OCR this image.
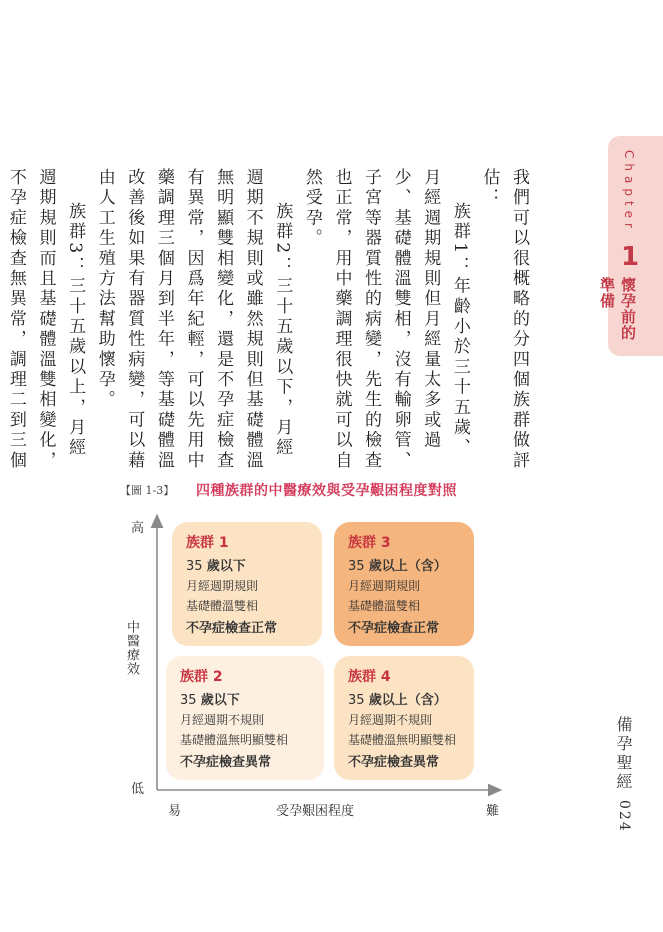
Chapter
1
懷孕前的準備

我們可以很概略的分四個族群做評估：

族群1：年齡小於三十五歲、月經週期規則但月經量太多或過少、基礎體溫雙相，沒有輸卵管、子宮等器質性的病變，先生的檢查也正常，用中藥調理很快就可以自然受孕。

族群2：三十五歲以下，月經週期不規則或雖然規則但基礎體溫無明顯雙相變化，還是不孕症檢查有異常，因爲年紀輕，可以先用中藥調理三個月到半年，等基礎體溫改善後如果有器質性病變，可以藉由人工生殖方法幫助懷孕。

族群3：三十五歲以上，月經週期規則而且基礎體溫雙相變化，不孕症檢查無異常，調理二到三個

備孕聖經
024
【圖 1-3】 四種族群的中醫療效與受孕艱困程度對照
高
低
中醫療效
易	難
受孕艱困程度
族群 1
35 歲以下
月經週期規則
基礎體溫雙相
不孕症檢查正常
族群 3
35 歲以上（含）
月經週期規則
基礎體溫雙相
不孕症檢查正常
族群 2
35 歲以下
月經週期不規則
基礎體溫無明顯雙相
不孕症檢查異常
族群 4
35 歲以上（含）
月經週期不規則
基礎體溫無明顯雙相
不孕症檢查異常
